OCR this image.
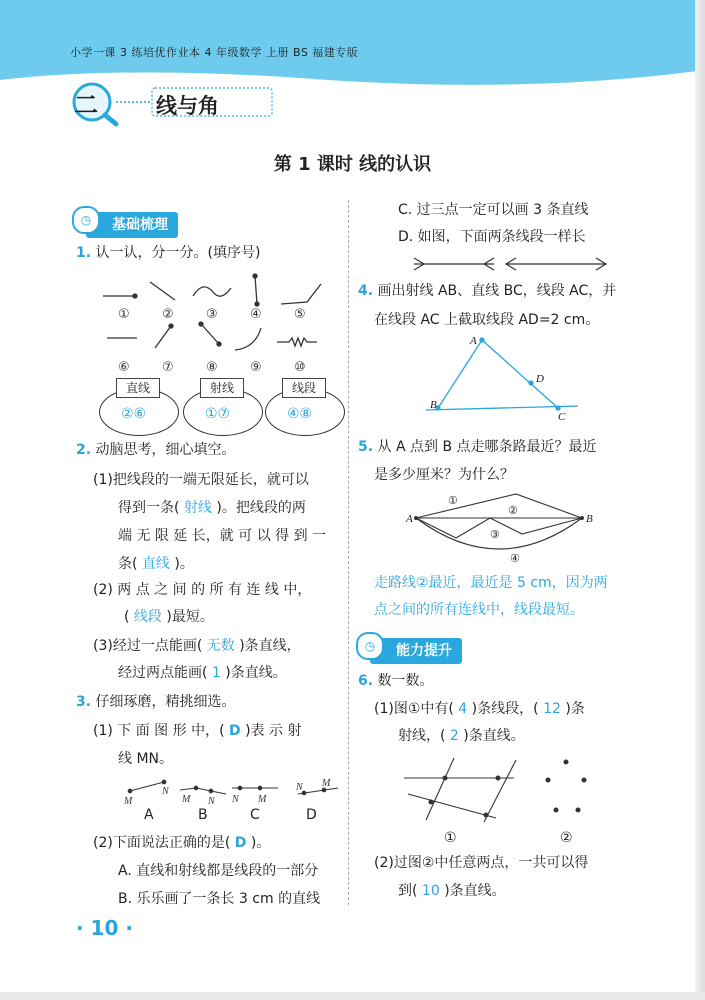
小学一课 3 练培优作业本 4 年级数学 上册 BS 福建专版
二	线与角
第 1 课时 线的认识
基础梳理
◷
1. 认一认，分一分。(填序号)
① ② ③ ④ ⑤
⑥ ⑦ ⑧ ⑨ ⑩
直线	射线	线段
②⑥	①⑦	④⑧
2. 动脑思考，细心填空。
(1)把线段的一端无限延长，就可以
得到一条( 射线 )。把线段的两
端 无 限 延 长，就 可 以 得 到 一
条( 直线 )。
(2) 两 点 之 间 的 所 有 连 线 中，
( 线段 )最短。
(3)经过一点能画( 无数 )条直线，
经过两点能画( 1 )条直线。
3. 仔细琢磨，精挑细选。
(1) 下 面 图 形 中，( D )表 示 射
线 MN。
M
N
M N N M
N M
A	B	C	D
(2)下面说法正确的是( D )。
A. 直线和射线都是线段的一部分
B. 乐乐画了一条长 3 cm 的直线
C. 过三点一定可以画 3 条直线
D. 如图，下面两条线段一样长
4. 画出射线 AB、直线 BC，线段 AC，并
在线段 AC 上截取线段 AD=2 cm。
A
B
C
D
5. 从 A 点到 B 点走哪条路最近？最近
是多少厘米？为什么？
A	B
①
②
③
④
走路线②最近，最近是 5 cm，因为两
点之间的所有连线中，线段最短。
能力提升
◷
6. 数一数。
(1)图①中有( 4 )条线段，( 12 )条
射线，( 2 )条直线。
①	②
(2)过图②中任意两点，一共可以得
到( 10 )条直线。
· 10 ·
